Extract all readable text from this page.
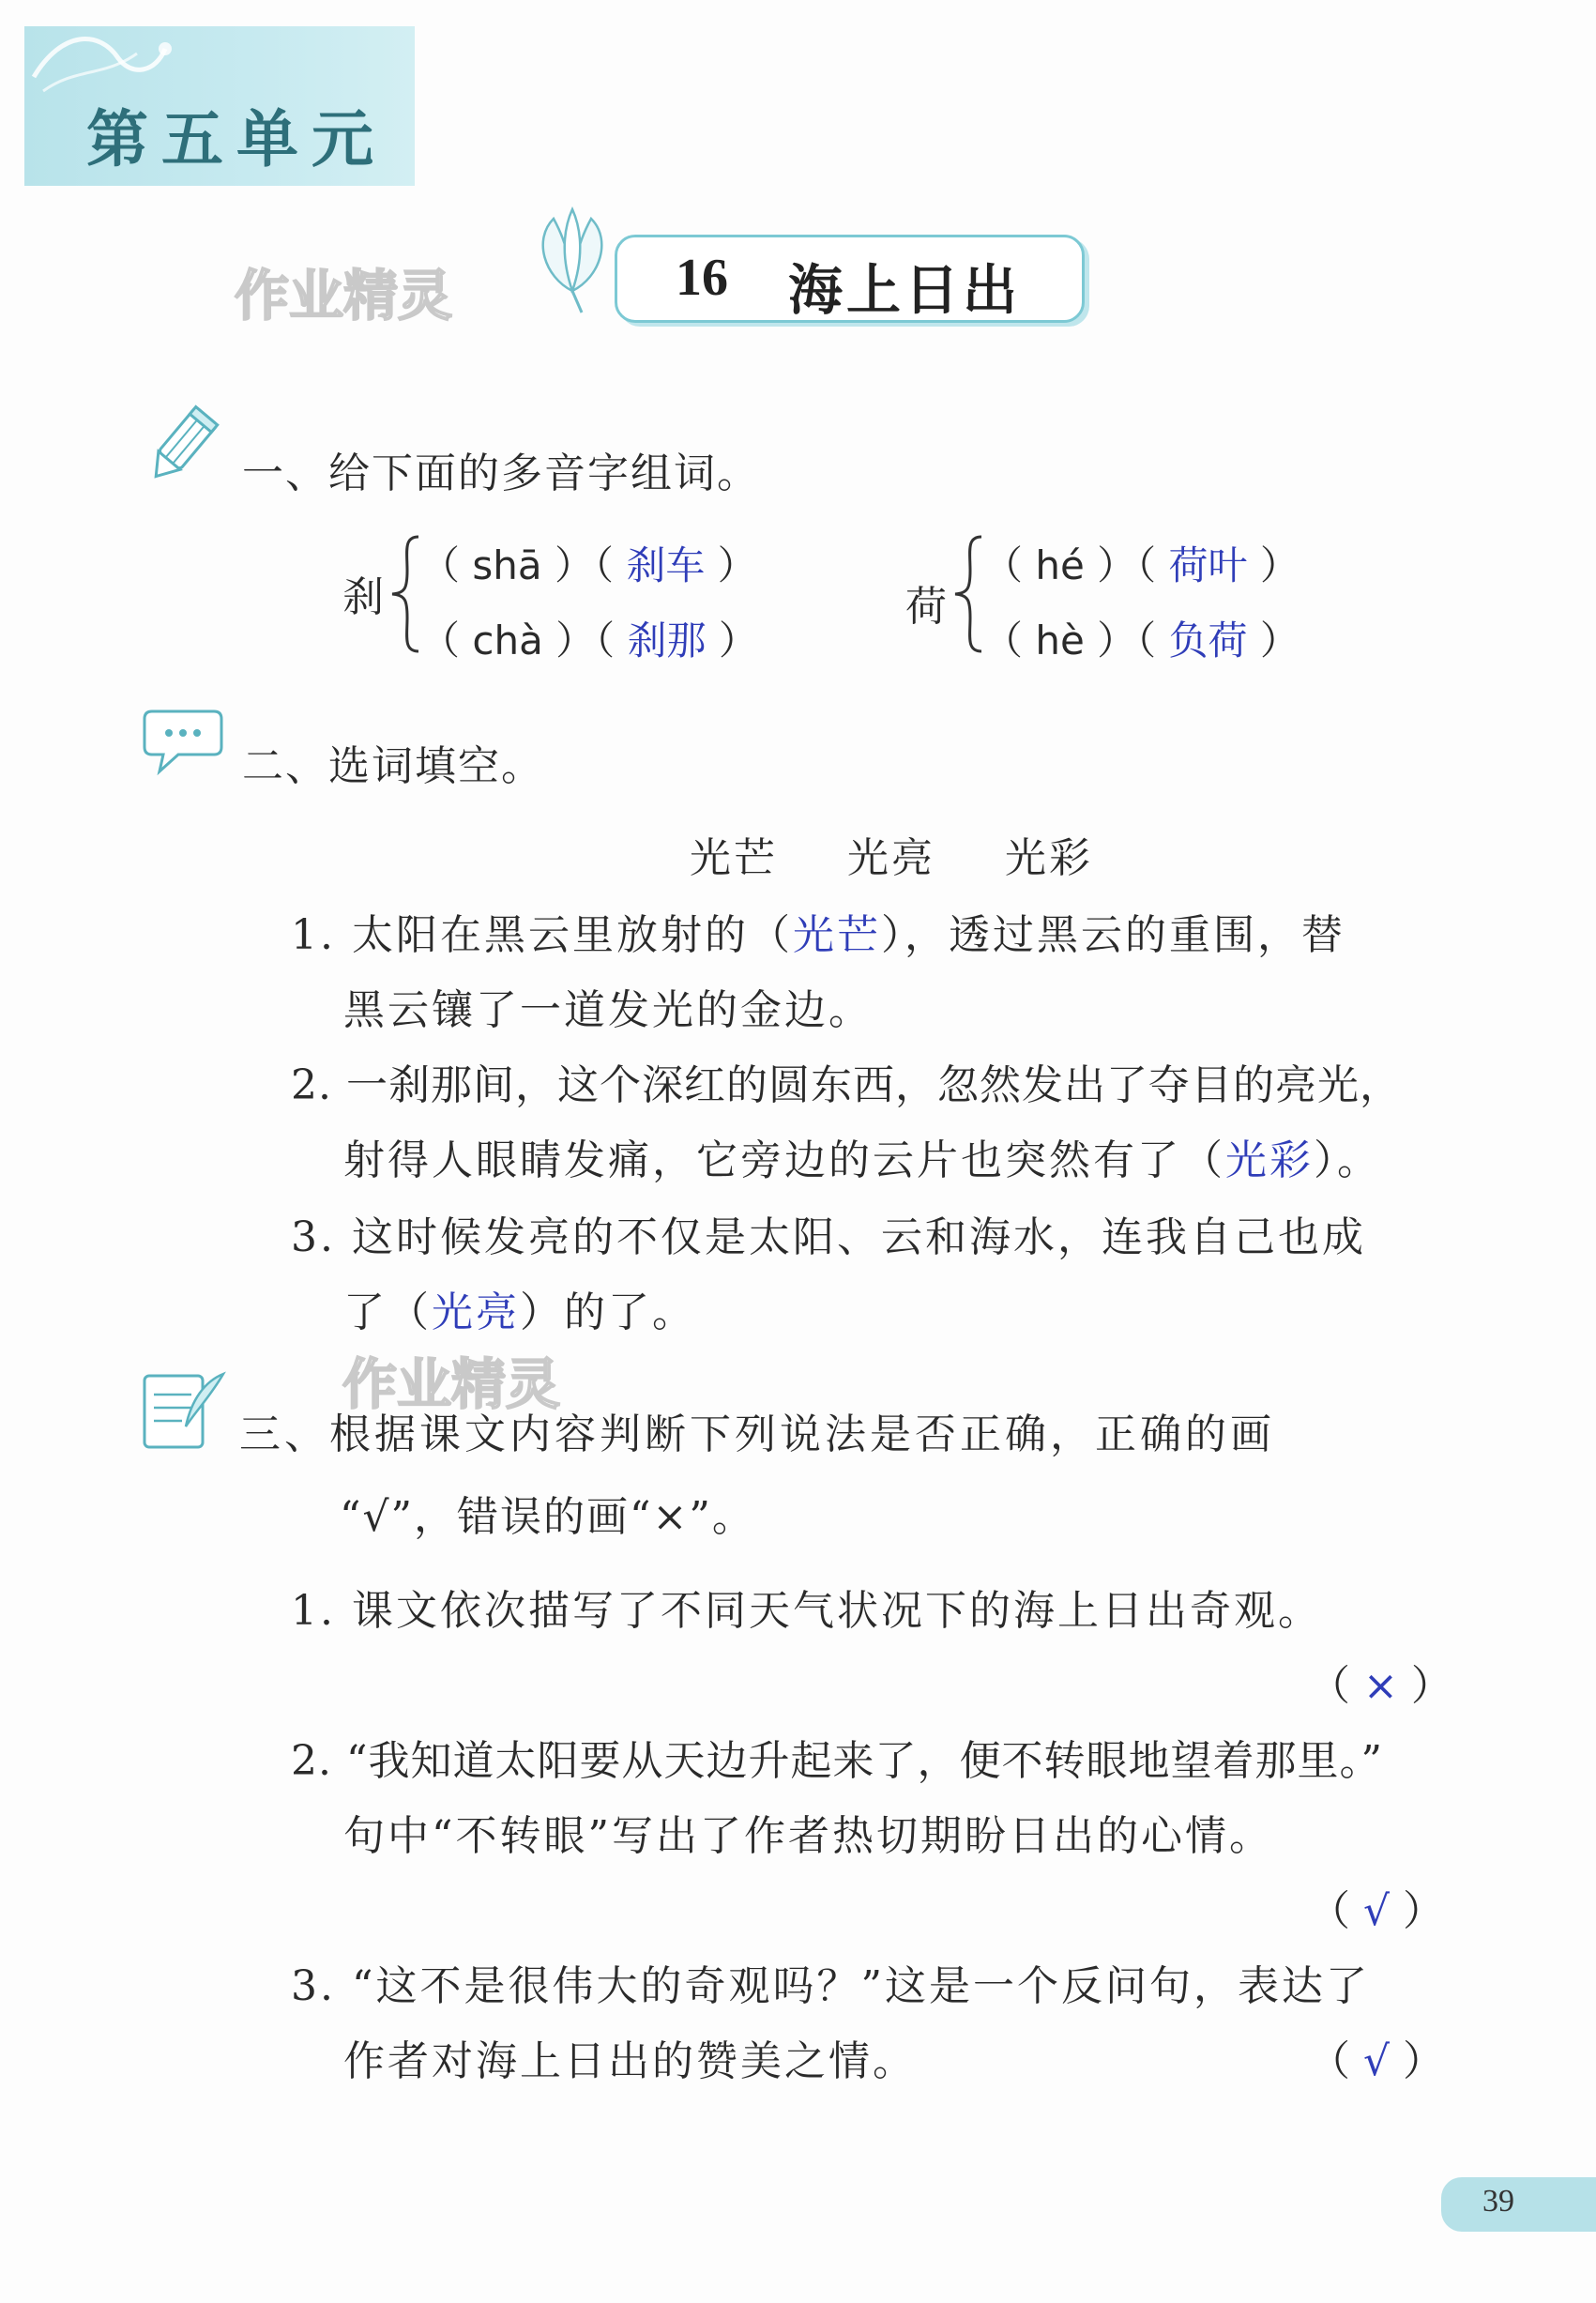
第五单元
作业精灵	16 海上日出
一、给下面的多音字组词。
刹
（ shā ）（ 刹车 ）
（ chà ）（ 刹那 ）
荷
（ hé ）（ 荷叶 ）
（ hè ）（ 负荷 ）
二、选词填空。
光芒 光亮 光彩
1. 太阳在黑云里放射的（光芒），透过黑云的重围，替
黑云镶了一道发光的金边。
2. 一刹那间，这个深红的圆东西，忽然发出了夺目的亮光，
射得人眼睛发痛，它旁边的云片也突然有了（光彩）。
3. 这时候发亮的不仅是太阳、云和海水，连我自己也成
了（光亮）的了。
作业精灵
三、根据课文内容判断下列说法是否正确，正确的画
“√”，错误的画“×”。
1. 课文依次描写了不同天气状况下的海上日出奇观。
（ × ）
2. “我知道太阳要从天边升起来了，便不转眼地望着那里。”
句中“不转眼”写出了作者热切期盼日出的心情。
（ √ ）
3. “这不是很伟大的奇观吗？”这是一个反问句，表达了
作者对海上日出的赞美之情。	（ √ ）
39
